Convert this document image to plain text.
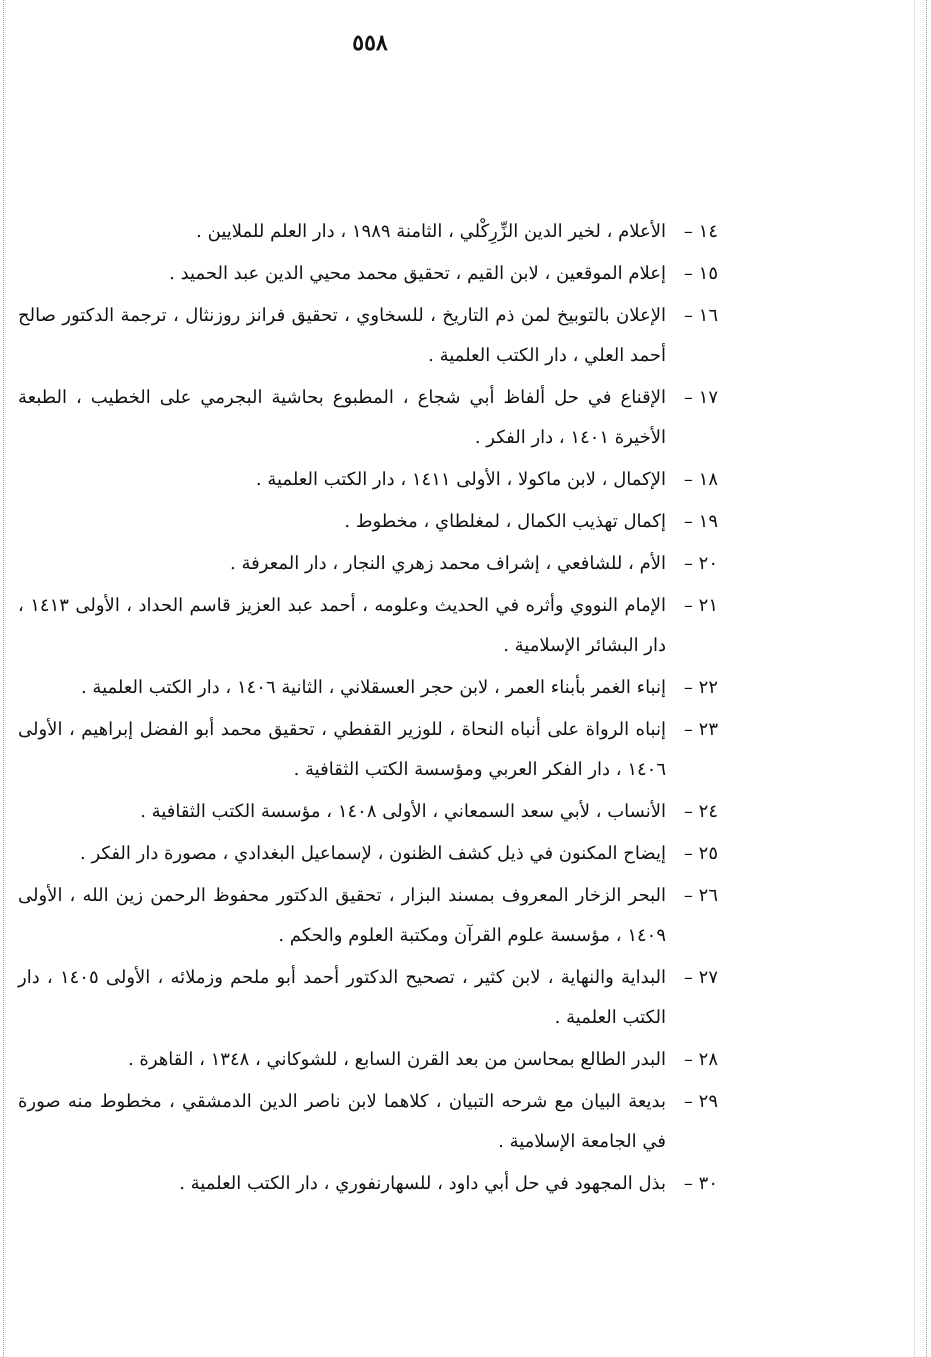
٥٥٨
١٤ –
الأعلام ، لخير الدين الزِّرِكْلي ، الثامنة ١٩٨٩ ، دار العلم للملايين .
١٥ –
إعلام الموقعين ، لابن القيم ، تحقيق محمد محيي الدين عبد الحميد .
١٦ –
الإعلان بالتوبيخ لمن ذم التاريخ ، للسخاوي ، تحقيق فرانز روزنثال ، ترجمة الدكتور صالح أحمد العلي ، دار الكتب العلمية .
١٧ –
الإقناع في حل ألفاظ أبي شجاع ، المطبوع بحاشية البجرمي على الخطيب ، الطبعة الأخيرة ١٤٠١ ، دار الفكر .
١٨ –
الإكمال ، لابن ماكولا ، الأولى ١٤١١ ، دار الكتب العلمية .
١٩ –
إكمال تهذيب الكمال ، لمغلطاي ، مخطوط .
٢٠ –
الأم ، للشافعي ، إشراف محمد زهري النجار ، دار المعرفة .
٢١ –
الإمام النووي وأثره في الحديث وعلومه ، أحمد عبد العزيز قاسم الحداد ، الأولى ١٤١٣ ، دار البشائر الإسلامية .
٢٢ –
إنباء الغمر بأبناء العمر ، لابن حجر العسقلاني ، الثانية ١٤٠٦ ، دار الكتب العلمية .
٢٣ –
إنباه الرواة على أنباه النحاة ، للوزير القفطي ، تحقيق محمد أبو الفضل إبراهيم ، الأولى ١٤٠٦ ، دار الفكر العربي ومؤسسة الكتب الثقافية .
٢٤ –
الأنساب ، لأبي سعد السمعاني ، الأولى ١٤٠٨ ، مؤسسة الكتب الثقافية .
٢٥ –
إيضاح المكنون في ذيل كشف الظنون ، لإسماعيل البغدادي ، مصورة دار الفكر .
٢٦ –
البحر الزخار المعروف بمسند البزار ، تحقيق الدكتور محفوظ الرحمن زين الله ، الأولى ١٤٠٩ ، مؤسسة علوم القرآن ومكتبة العلوم والحكم .
٢٧ –
البداية والنهاية ، لابن كثير ، تصحيح الدكتور أحمد أبو ملحم وزملائه ، الأولى ١٤٠٥ ، دار الكتب العلمية .
٢٨ –
البدر الطالع بمحاسن من بعد القرن السابع ، للشوكاني ، ١٣٤٨ ، القاهرة .
٢٩ –
بديعة البيان مع شرحه التبيان ، كلاهما لابن ناصر الدين الدمشقي ، مخطوط منه صورة في الجامعة الإسلامية .
٣٠ –
بذل المجهود في حل أبي داود ، للسهارنفوري ، دار الكتب العلمية .
